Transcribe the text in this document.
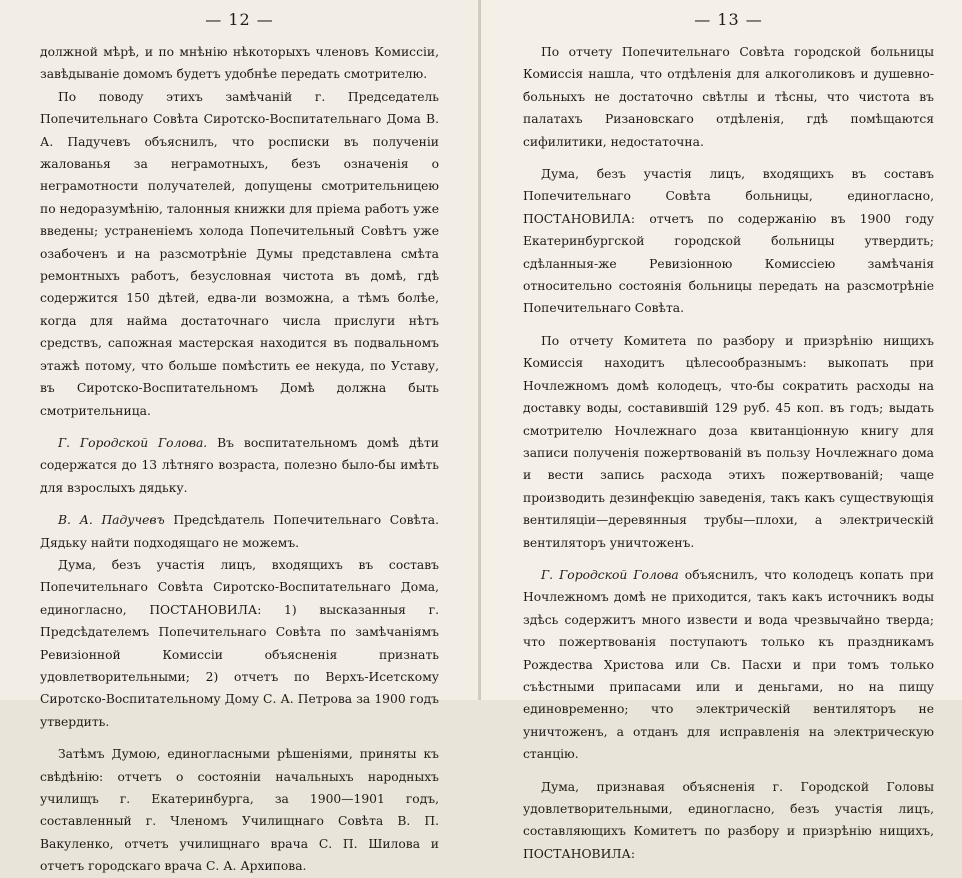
— 12 —

должной мѣрѣ, и по мнѣнію нѣкоторыхъ членовъ Комиссіи, завѣдываніе домомъ будетъ удобнѣе передать смотрителю.

По поводу этихъ замѣчаній г. Председатель Попечительнаго Совѣта Сиротско-Воспитательнаго Дома В. А. Падучевъ объяснилъ, что росписки въ полученіи жалованья за неграмотныхъ, безъ означенія о неграмотности получателей, допущены смотрительницею по недоразумѣнію, талонныя книжки для пріема работъ уже введены; устраненіемъ холода Попечительный Совѣтъ уже озабоченъ и на разсмотрѣніе Думы представлена смѣта ремонтныхъ работъ, безусловная чистота въ домѣ, гдѣ содержится 150 дѣтей, едва-ли возможна, а тѣмъ болѣе, когда для найма достаточнаго числа прислуги нѣтъ средствъ, сапожная мастерская находится въ подвальномъ этажѣ потому, что больше помѣстить ее некуда, по Уставу, въ Сиротско-Воспитательномъ Домѣ должна быть смотрительница.

Г. Городской Голова. Въ воспитательномъ домѣ дѣти содержатся до 13 лѣтняго возраста, полезно было-бы имѣть для взрослыхъ дядьку.

В. А. Падучевъ Предсѣдатель Попечительнаго Совѣта. Дядьку найти подходящаго не можемъ.

Дума, безъ участія лицъ, входящихъ въ составъ Попечительнаго Совѣта Сиротско-Воспитательнаго Дома, единогласно, ПОСТАНОВИЛА: 1) высказанныя г. Предсѣдателемъ Попечительнаго Совѣта по замѣчаніямъ Ревизіонной Комиссіи объясненія признать удовлетворительными; 2) отчетъ по Верхъ-Исетскому Сиротско-Воспитательному Дому С. А. Петрова за 1900 годъ утвердить.

Затѣмъ Думою, единогласными рѣшеніями, приняты къ свѣдѣнію: отчетъ о состояніи начальныхъ народныхъ училищъ г. Екатеринбурга, за 1900—1901 годъ, составленный г. Членомъ Училищнаго Совѣта В. П. Вакуленко, отчетъ училищнаго врача С. П. Шилова и отчетъ городскаго врача С. А. Архипова.

— 13 —

По отчету Попечительнаго Совѣта городской больницы Комиссія нашла, что отдѣленія для алкоголиковъ и душевно-больныхъ не достаточно свѣтлы и тѣсны, что чистота въ палатахъ Ризановскаго отдѣленія, гдѣ помѣщаются сифилитики, недостаточна.

Дума, безъ участія лицъ, входящихъ въ составъ Попечительнаго Совѣта больницы, единогласно, ПОСТАНОВИЛА: отчетъ по содержанію въ 1900 году Екатеринбургской городской больницы утвердить; сдѣланныя-же Ревизіонною Комиссіею замѣчанія относительно состоянія больницы передать на разсмотрѣніе Попечительнаго Совѣта.

По отчету Комитета по разбору и призрѣнію нищихъ Комиссія находитъ цѣлесообразнымъ: выкопать при Ночлежномъ домѣ колодецъ, что-бы сократить расходы на доставку воды, составившій 129 руб. 45 коп. въ годъ; выдать смотрителю Ночлежнаго доза квитанціонную книгу для записи полученія пожертвованій въ пользу Ночлежнаго дома и вести запись расхода этихъ пожертвованій; чаще производить дезинфекцію заведенія, такъ какъ существующія вентиляціи—деревянныя трубы—плохи, а электрическій вентиляторъ уничтоженъ.

Г. Городской Голова объяснилъ, что колодецъ копать при Ночлежномъ домѣ не приходится, такъ какъ источникъ воды здѣсь содержитъ много извести и вода чрезвычайно тверда; что пожертвованія поступаютъ только къ праздникамъ Рождества Христова или Св. Пасхи и при томъ только съѣстными припасами или и деньгами, но на пищу единовременно; что электрическій вентиляторъ не уничтоженъ, а отданъ для исправленія на электрическую станцію.

Дума, признавая объясненія г. Городской Головы удовлетворительными, единогласно, безъ участія лицъ, составляющихъ Комитетъ по разбору и призрѣнію нищихъ, ПОСТАНОВИЛА:
